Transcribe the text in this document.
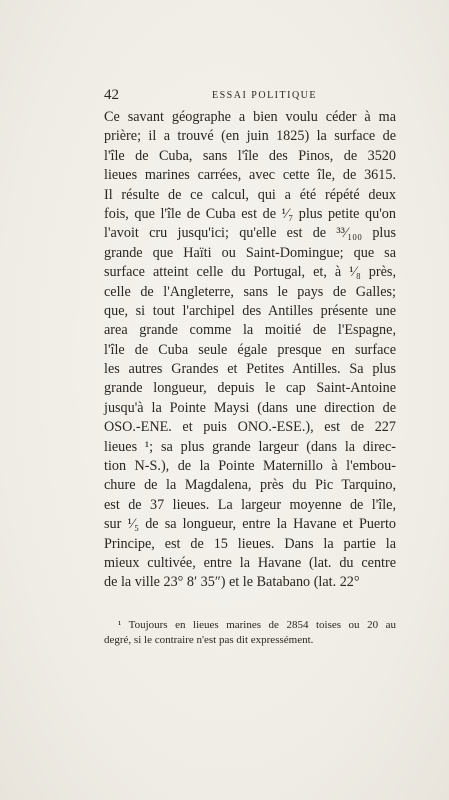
42	ESSAI POLITIQUE
Ce savant géographe a bien voulu céder à ma
prière; il a trouvé (en juin 1825) la surface de
l'île de Cuba, sans l'île des Pinos, de 3520
lieues marines carrées, avec cette île, de 3615.
Il résulte de ce calcul, qui a été répété deux
fois, que l'île de Cuba est de ¹⁄₇ plus petite qu'on
l'avoit cru jusqu'ici; qu'elle est de ³³⁄₁₀₀ plus
grande que Haïti ou Saint-Domingue; que sa
surface atteint celle du Portugal, et, à ¹⁄₈ près,
celle de l'Angleterre, sans le pays de Galles;
que, si tout l'archipel des Antilles présente une
area grande comme la moitié de l'Espagne,
l'île de Cuba seule égale presque en surface
les autres Grandes et Petites Antilles. Sa plus
grande longueur, depuis le cap Saint-Antoine
jusqu'à la Pointe Maysi (dans une direction de
OSO.-ENE. et puis ONO.-ESE.), est de 227
lieues ¹; sa plus grande largeur (dans la direc-
tion N-S.), de la Pointe Maternillo à l'embou-
chure de la Magdalena, près du Pic Tarquino,
est de 37 lieues. La largeur moyenne de l'île,
sur ¹⁄₅ de sa longueur, entre la Havane et Puerto
Principe, est de 15 lieues. Dans la partie la
mieux cultivée, entre la Havane (lat. du centre
de la ville 23° 8′ 35″) et le Batabano (lat. 22°
¹ Toujours en lieues marines de 2854 toises ou 20 au
degré, si le contraire n'est pas dit expressément.
